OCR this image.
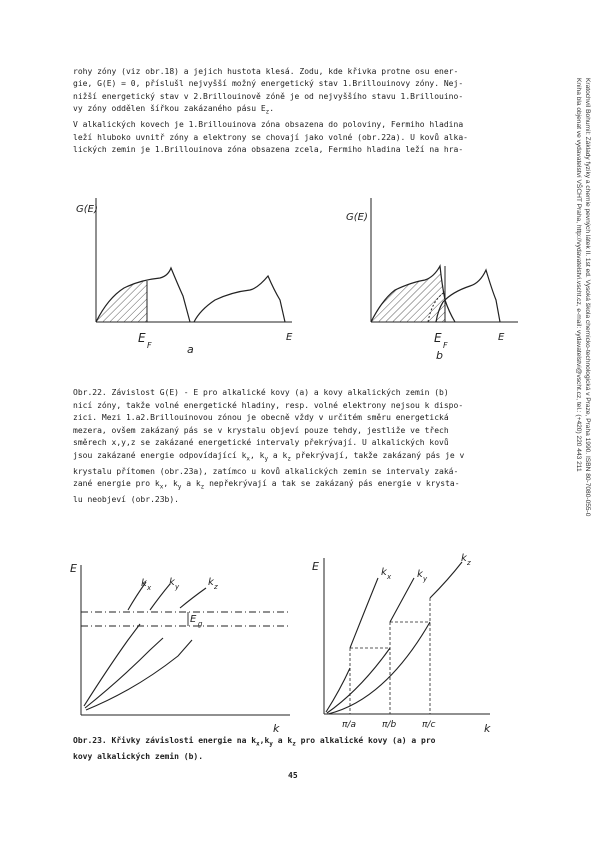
rohy zóny (viz obr.18) a jejich hustota klesá. Zodu, kde křivka protne osu ener-
gie, G(E) = 0, příslušl nejvyšší možný energetický stav 1.Brillouinovy zóny. Nej-
nižší energetický stav v 2.Brillouinově zóně je od nejvyššího stavu 1.Brillouino-
vy zóny oddělen šířkou zakázaného pásu $E_z$.
V alkalických kovech je 1.Brillouinova zóna obsazena do poloviny, Fermiho hladina
leží hluboko uvnitř zóny a elektrony se chovají jako volné (obr.22a). U kovů alka-
lických zemin je 1.Brillouinova zóna obsazena zcela, Fermiho hladina leží na hra-
G(E)
E
E
F	a
G(E)
E
E
F
b
Obr.22. Závislost G(E) - E pro alkalické kovy (a) a kovy alkalických zemin (b)
nicí zóny, takže volné energetické hladiny, resp. volné elektrony nejsou k dispo-
zici. Mezi 1.a2.Brillouinovou zónou je obecně vždy v určitém směru energetická
mezera, ovšem zakázaný pás se v krystalu objeví pouze tehdy, jestliže ve třech
směrech x,y,z se zakázané energetické intervaly překrývají. U alkalických kovů
jsou zakázané energie odpovídající $k_x$, $k_y$ a $k_z$ překrývají, takže zakázaný pás je v
krystalu přítomen (obr.23a), zatímco u kovů alkalických zemin se intervaly zaká-
zané energie pro $k_x$, $k_y$ a $k_z$ nepřekrývají a tak se zakázaný pás energie v krysta-
lu neobjeví (obr.23b).
E
k
E g
k x k y	k z
E
k
k x	k y
k z
π/a	π/b	π/c
Obr.23. Křivky závislosti energie na $k_x,k_y$ a $k_z$ pro alkalické kovy (a) a pro
kovy alkalických zemin (b).
45
Kratochvíl Bohumil: Základy fyziky a chemie pevných látek II. 1st ed. Vysoká škola chemicko-technologická v Praze, Praha 1990. ISBN 80-7080-055-0
Kniha bla objenat ve vydavatelství VŠCHT Praha, http://vydavatelstvi.vscht.cz, e-mail: vydavatelstvi@vscht.cz, tel.: (+420) 220 443 211
